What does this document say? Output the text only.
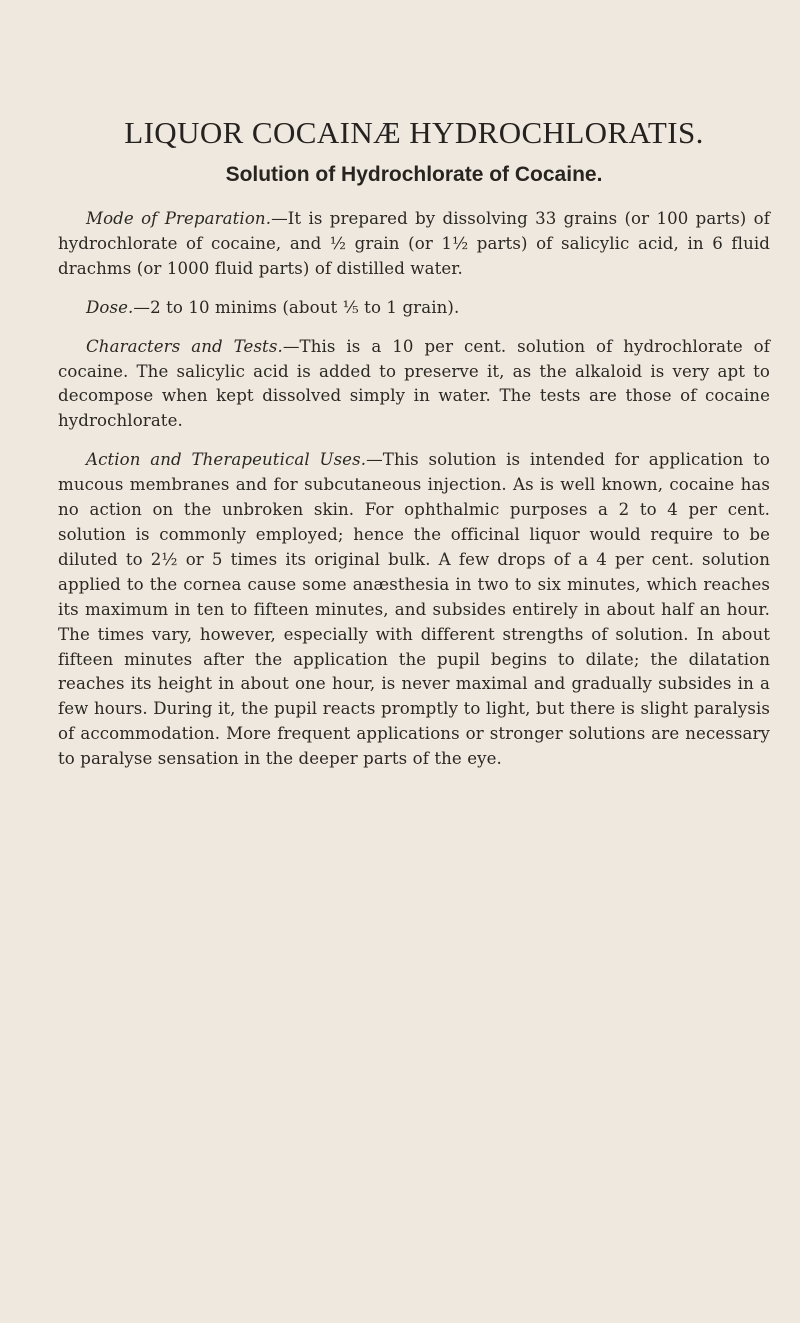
LIQUOR COCAINÆ HYDROCHLORATIS.
Solution of Hydrochlorate of Cocaine.

Mode of Preparation.—It is prepared by dissolving 33 grains (or 100 parts) of hydrochlorate of cocaine, and ½ grain (or 1½ parts) of salicylic acid, in 6 fluid drachms (or 1000 fluid parts) of distilled water.

Dose.—2 to 10 minims (about ⅕ to 1 grain).

Characters and Tests.—This is a 10 per cent. solution of hydrochlorate of cocaine. The salicylic acid is added to preserve it, as the alkaloid is very apt to decompose when kept dissolved simply in water. The tests are those of cocaine hydrochlorate.

Action and Therapeutical Uses.—This solution is intended for application to mucous membranes and for subcutaneous injection. As is well known, cocaine has no action on the unbroken skin. For ophthalmic purposes a 2 to 4 per cent. solution is commonly employed; hence the officinal liquor would require to be diluted to 2½ or 5 times its original bulk. A few drops of a 4 per cent. solution applied to the cornea cause some anæsthesia in two to six minutes, which reaches its maximum in ten to fifteen minutes, and subsides entirely in about half an hour. The times vary, however, especially with different strengths of solution. In about fifteen minutes after the application the pupil begins to dilate; the dilatation reaches its height in about one hour, is never maximal and gradually subsides in a few hours. During it, the pupil reacts promptly to light, but there is slight paralysis of accommodation. More frequent applications or stronger solutions are necessary to paralyse sensation in the deeper parts of the eye.
